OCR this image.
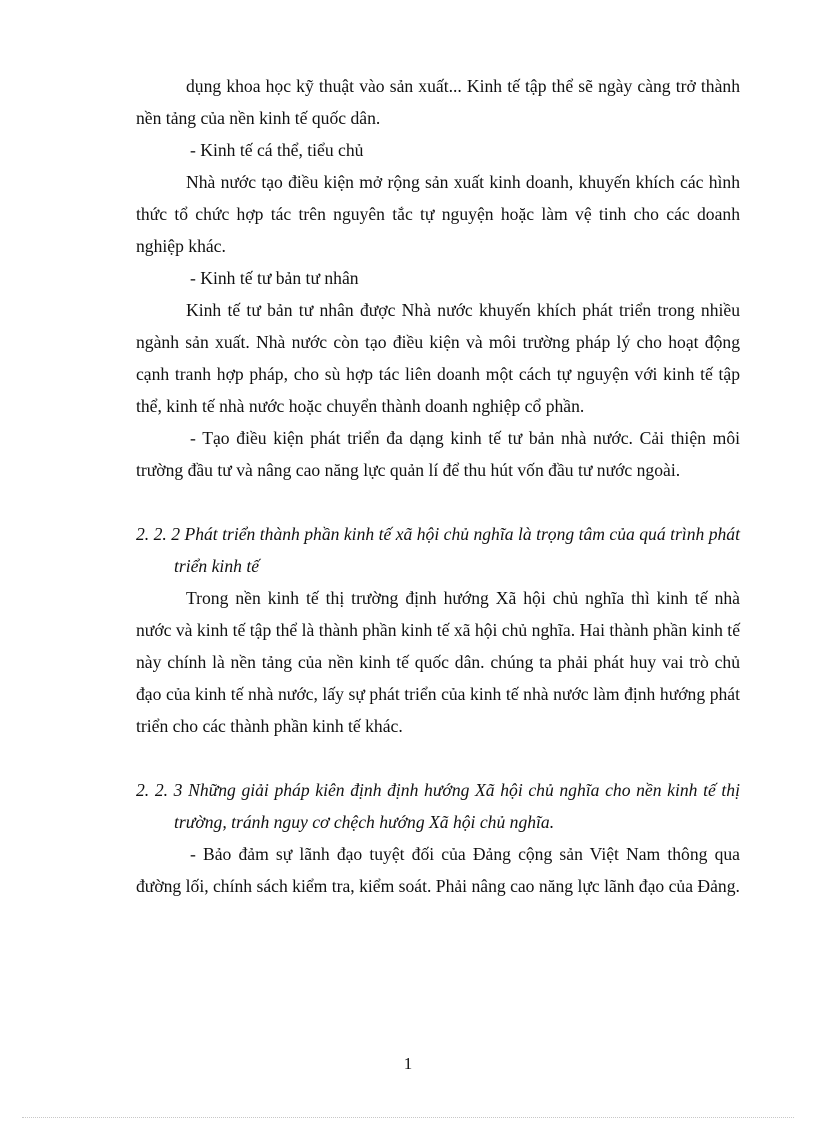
dụng khoa học kỹ thuật vào sản xuất... Kinh tế tập thể sẽ ngày càng trở thành nền tảng của nền kinh tế quốc dân.

- Kinh tế cá thể, tiểu chủ

Nhà nước tạo điều kiện mở rộng sản xuất kinh doanh, khuyến khích các hình thức tổ chức hợp tác trên nguyên tắc tự nguyện hoặc làm vệ tinh cho các doanh nghiệp khác.

- Kinh tế tư bản tư nhân

Kinh tế tư bản tư nhân được Nhà nước khuyến khích phát triển trong nhiều ngành sản xuất. Nhà nước còn tạo điều kiện và môi trường pháp lý cho hoạt động cạnh tranh hợp pháp, cho sù hợp tác liên doanh một cách tự nguyện với kinh tế tập thể, kinh tế nhà nước hoặc chuyển thành doanh nghiệp cổ phần.

- Tạo điều kiện phát triển đa dạng kinh tế tư bản nhà nước. Cải thiện môi trường đầu tư và nâng cao năng lực quản lí để thu hút vốn đầu tư nước ngoài.

2. 2. 2 Phát triển thành phần kinh tế xã hội chủ nghĩa là trọng tâm của quá trình phát triển kinh tế

Trong nền kinh tế thị trường định hướng Xã hội chủ nghĩa thì kinh tế nhà nước và kinh tế tập thể là thành phần kinh tế xã hội chủ nghĩa. Hai thành phần kinh tế này chính là nền tảng của nền kinh tế quốc dân. chúng ta phải phát huy vai trò chủ đạo của kinh tế nhà nước, lấy sự phát triển của kinh tế nhà nước làm định hướng phát triển cho các thành phần kinh tế khác.

2. 2. 3 Những giải pháp kiên định định hướng Xã hội chủ nghĩa cho nền kinh tế thị trường, tránh nguy cơ chệch hướng Xã hội chủ nghĩa.

- Bảo đảm sự lãnh đạo tuyệt đối của Đảng cộng sản Việt Nam thông qua đường lối, chính sách kiểm tra, kiểm soát. Phải nâng cao năng lực lãnh đạo của Đảng.

1
